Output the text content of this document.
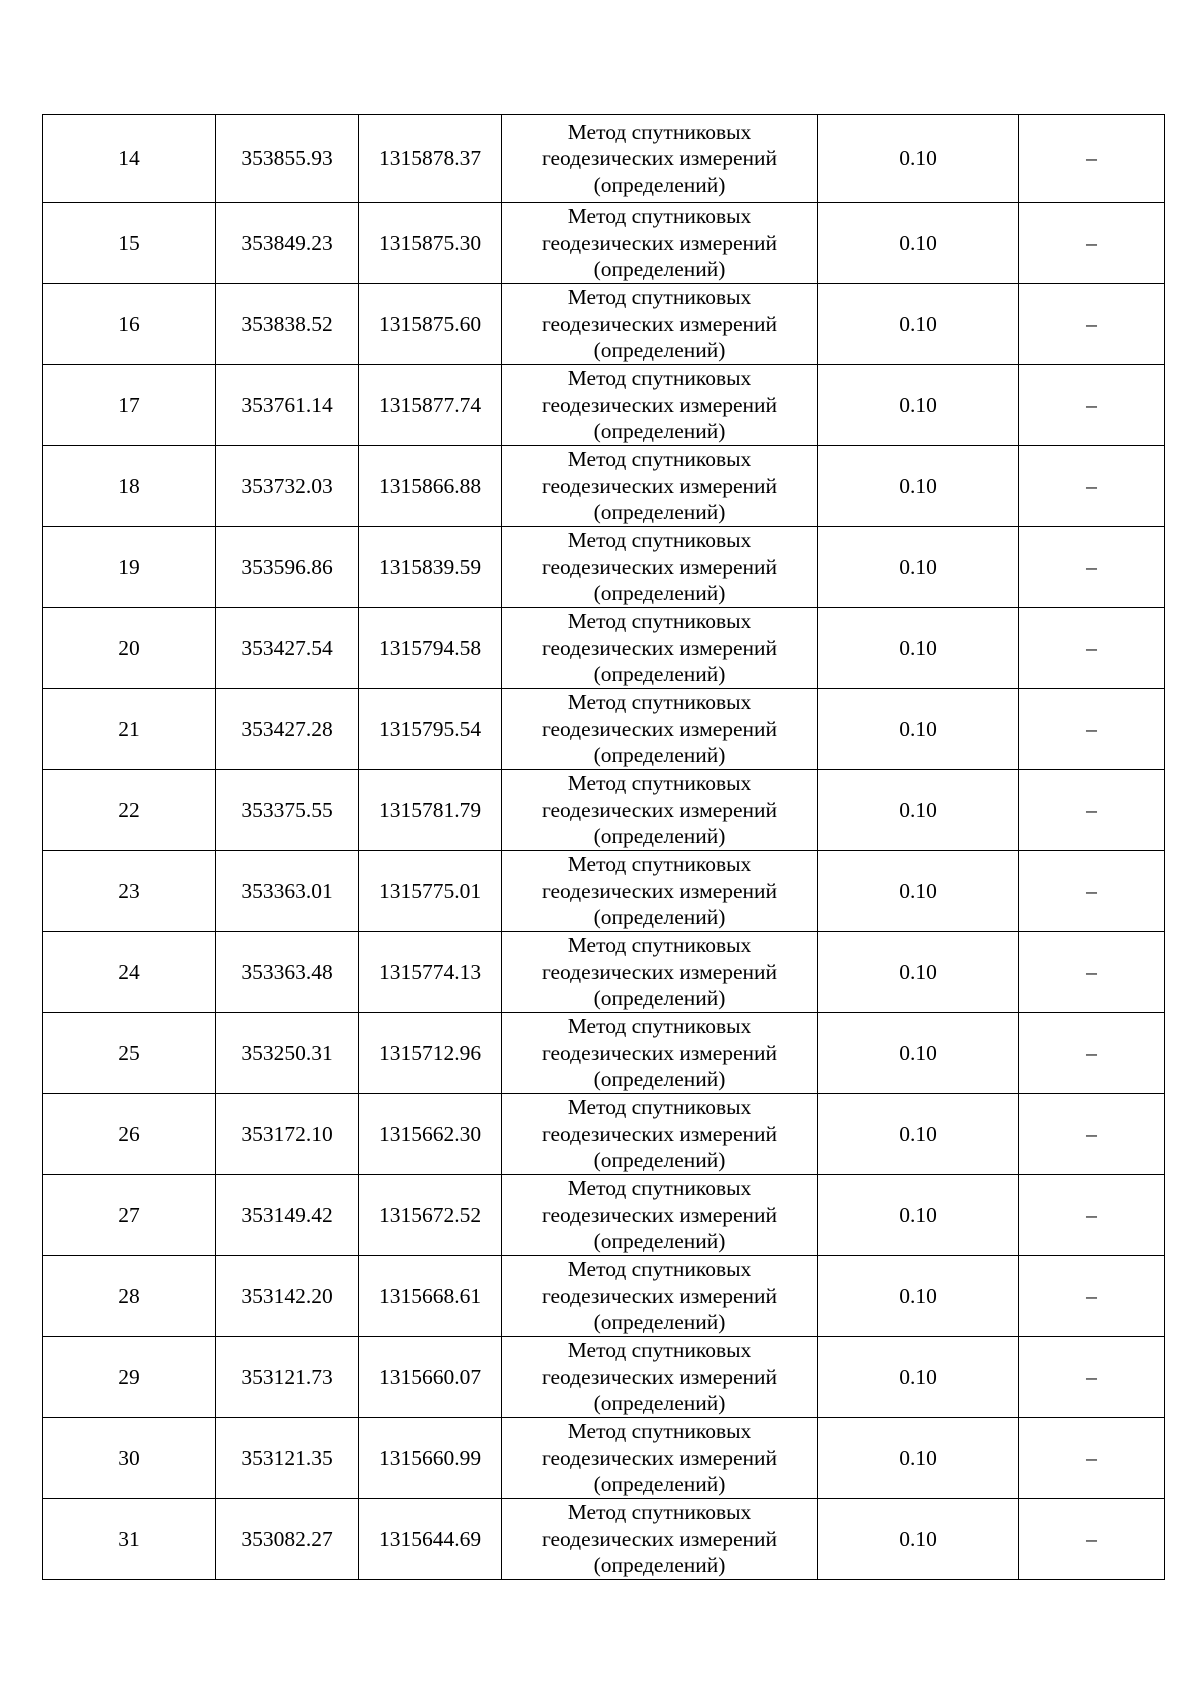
14	353855.93	1315878.37	Метод спутниковых
геодезических измерений
(определений)	0.10	–
15	353849.23	1315875.30	Метод спутниковых
геодезических измерений
(определений)	0.10	–
16	353838.52	1315875.60	Метод спутниковых
геодезических измерений
(определений)	0.10	–
17	353761.14	1315877.74	Метод спутниковых
геодезических измерений
(определений)	0.10	–
18	353732.03	1315866.88	Метод спутниковых
геодезических измерений
(определений)	0.10	–
19	353596.86	1315839.59	Метод спутниковых
геодезических измерений
(определений)	0.10	–
20	353427.54	1315794.58	Метод спутниковых
геодезических измерений
(определений)	0.10	–
21	353427.28	1315795.54	Метод спутниковых
геодезических измерений
(определений)	0.10	–
22	353375.55	1315781.79	Метод спутниковых
геодезических измерений
(определений)	0.10	–
23	353363.01	1315775.01	Метод спутниковых
геодезических измерений
(определений)	0.10	–
24	353363.48	1315774.13	Метод спутниковых
геодезических измерений
(определений)	0.10	–
25	353250.31	1315712.96	Метод спутниковых
геодезических измерений
(определений)	0.10	–
26	353172.10	1315662.30	Метод спутниковых
геодезических измерений
(определений)	0.10	–
27	353149.42	1315672.52	Метод спутниковых
геодезических измерений
(определений)	0.10	–
28	353142.20	1315668.61	Метод спутниковых
геодезических измерений
(определений)	0.10	–
29	353121.73	1315660.07	Метод спутниковых
геодезических измерений
(определений)	0.10	–
30	353121.35	1315660.99	Метод спутниковых
геодезических измерений
(определений)	0.10	–
31	353082.27	1315644.69	Метод спутниковых
геодезических измерений
(определений)	0.10	–
